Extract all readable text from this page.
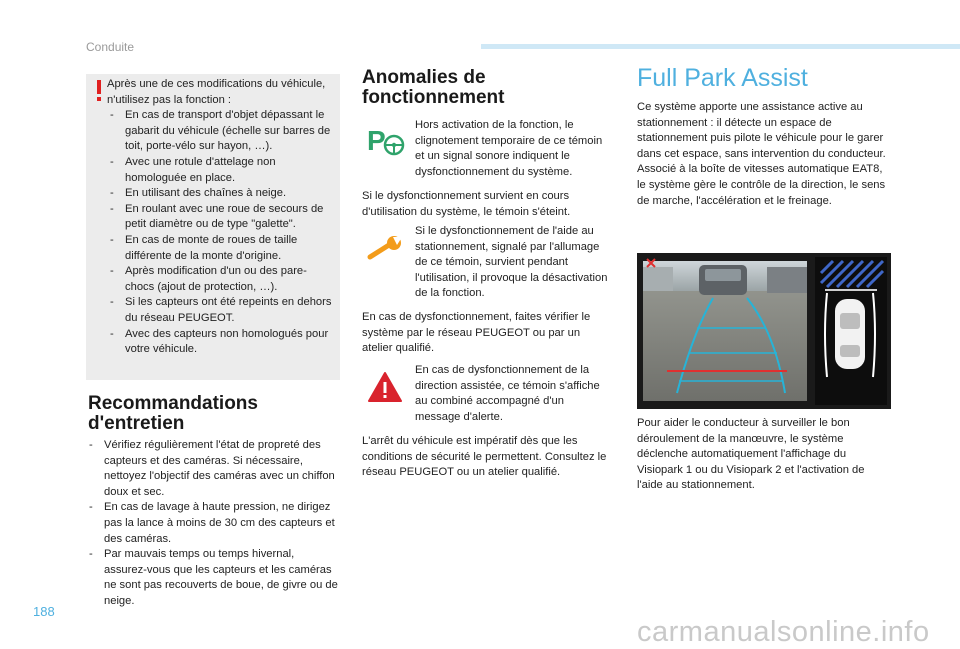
Conduite

Après une de ces modifications du véhicule, n'utilisez pas la fonction :

- En cas de transport d'objet dépassant le gabarit du véhicule (échelle sur barres de toit, porte-vélo sur hayon, …).
- Avec une rotule d'attelage non homologuée en place.
- En utilisant des chaînes à neige.
- En roulant avec une roue de secours de petit diamètre ou de type "galette".
- En cas de monte de roues de taille différente de la monte d'origine.
- Après modification d'un ou des pare-chocs (ajout de protection, …).
- Si les capteurs ont été repeints en dehors du réseau PEUGEOT.
- Avec des capteurs non homologués pour votre véhicule.
Recommandations
d'entretien
- Vérifiez régulièrement l'état de propreté des capteurs et des caméras. Si nécessaire, nettoyez l'objectif des caméras avec un chiffon doux et sec.
- En cas de lavage à haute pression, ne dirigez pas la lance à moins de 30 cm des capteurs et des caméras.
- Par mauvais temps ou temps hivernal, assurez-vous que les capteurs et les caméras ne sont pas recouverts de boue, de givre ou de neige.
Anomalies de
fonctionnement
P	Hors activation de la fonction, le clignotement temporaire de ce témoin et un signal sonore indiquent le dysfonctionnement du système.

Si le dysfonctionnement survient en cours d'utilisation du système, le témoin s'éteint.

Si le dysfonctionnement de l'aide au stationnement, signalé par l'allumage de ce témoin, survient pendant l'utilisation, il provoque la désactivation de la fonction.

En cas de dysfonctionnement, faites vérifier le système par le réseau PEUGEOT ou par un atelier qualifié.

En cas de dysfonctionnement de la direction assistée, ce témoin s'affiche au combiné accompagné d'un message d'alerte.

L'arrêt du véhicule est impératif dès que les conditions de sécurité le permettent. Consultez le réseau PEUGEOT ou un atelier qualifié.

Full Park Assist

Ce système apporte une assistance active au stationnement : il détecte un espace de stationnement puis pilote le véhicule pour le garer dans cet espace, sans intervention du conducteur. Associé à la boîte de vitesses automatique EAT8, le système gère le contrôle de la direction, le sens de marche, l'accélération et le freinage.

Pour aider le conducteur à surveiller le bon déroulement de la manœuvre, le système déclenche automatiquement l'affichage du Visiopark 1 ou du Visiopark 2 et l'activation de l'aide au stationnement.

188
carmanualsonline.info
